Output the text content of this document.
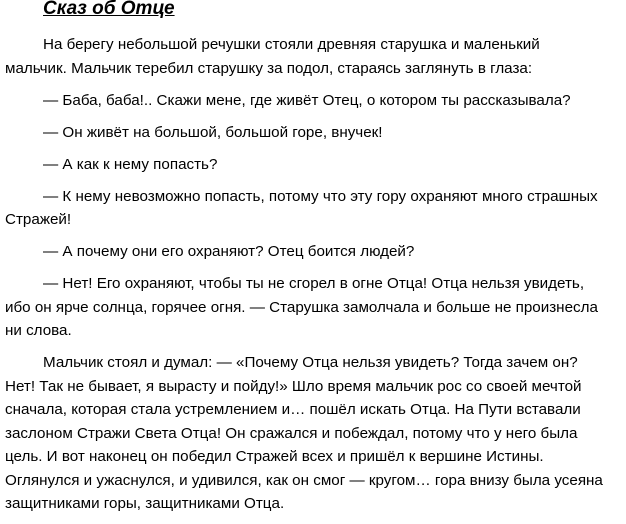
Сказ об Отце

На берегу небольшой речушки стояли древняя старушка и маленький
мальчик. Мальчик теребил старушку за подол, стараясь заглянуть в глаза:

— Баба, баба!.. Скажи мене, где живёт Отец, о котором ты рассказывала?

— Он живёт на большой, большой горе, внучек!

— А как к нему попасть?

— К нему невозможно попасть, потому что эту гору охраняют много страшных
Стражей!

— А почему они его охраняют? Отец боится людей?

— Нет! Его охраняют, чтобы ты не сгорел в огне Отца! Отца нельзя увидеть,
ибо он ярче солнца, горячее огня. — Старушка замолчала и больше не произнесла
ни слова.

Мальчик стоял и думал: — «Почему Отца нельзя увидеть? Тогда зачем он?
Нет! Так не бывает, я вырасту и пойду!» Шло время мальчик рос со своей мечтой
сначала, которая стала устремлением и… пошёл искать Отца. На Пути вставали
заслоном Стражи Света Отца! Он сражался и побеждал, потому что у него была
цель. И вот наконец он победил Стражей всех и пришёл к вершине Истины.
Оглянулся и ужаснулся, и удивился, как он смог — кругом… гора внизу была усеяна
защитниками горы, защитниками Отца.
